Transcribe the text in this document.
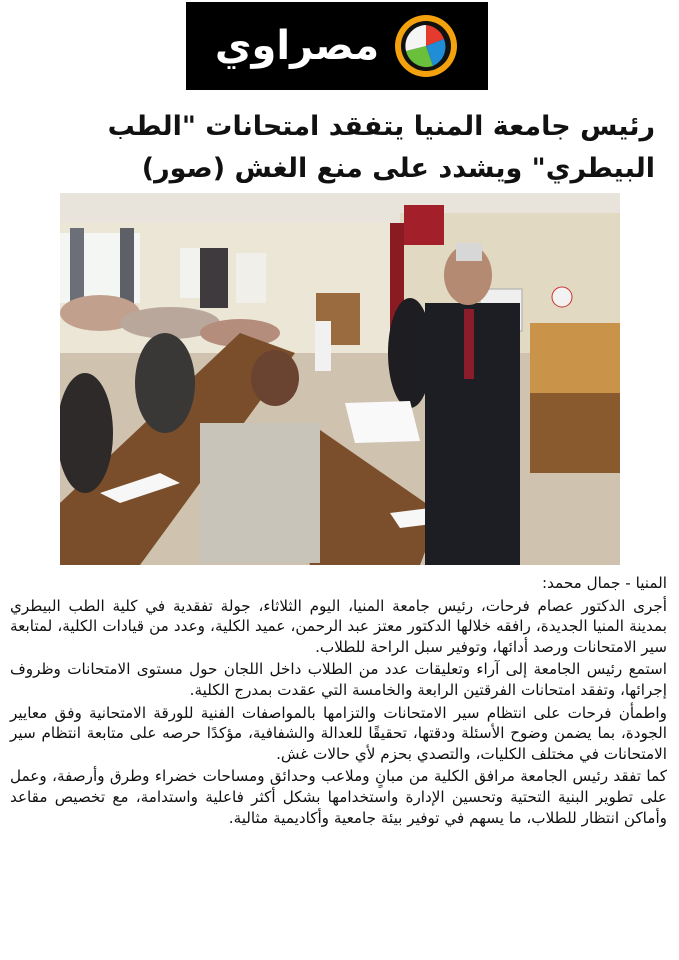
مصراوي
رئيس جامعة المنيا يتفقد امتحانات "الطب البيطري" ويشدد على منع الغش (صور)

المنيا - جمال محمد:

أجرى الدكتور عصام فرحات، رئيس جامعة المنيا، اليوم الثلاثاء، جولة تفقدية في كلية الطب البيطري بمدينة المنيا الجديدة، رافقه خلالها الدكتور معتز عبد الرحمن، عميد الكلية، وعدد من قيادات الكلية، لمتابعة سير الامتحانات ورصد أدائها، وتوفير سبل الراحة للطلاب.

استمع رئيس الجامعة إلى آراء وتعليقات عدد من الطلاب داخل اللجان حول مستوى الامتحانات وظروف إجرائها، وتفقد امتحانات الفرقتين الرابعة والخامسة التي عقدت بمدرج الكلية.

واطمأن فرحات على انتظام سير الامتحانات والتزامها بالمواصفات الفنية للورقة الامتحانية وفق معايير الجودة، بما يضمن وضوح الأسئلة ودقتها، تحقيقًا للعدالة والشفافية، مؤكدًا حرصه على متابعة انتظام سير الامتحانات في مختلف الكليات، والتصدي بحزم لأي حالات غش.

كما تفقد رئيس الجامعة مرافق الكلية من مبانٍ وملاعب وحدائق ومساحات خضراء وطرق وأرصفة، وعمل على تطوير البنية التحتية وتحسين الإدارة واستخدامها بشكل أكثر فاعلية واستدامة، مع تخصيص مقاعد وأماكن انتظار للطلاب، ما يسهم في توفير بيئة جامعية وأكاديمية مثالية.
